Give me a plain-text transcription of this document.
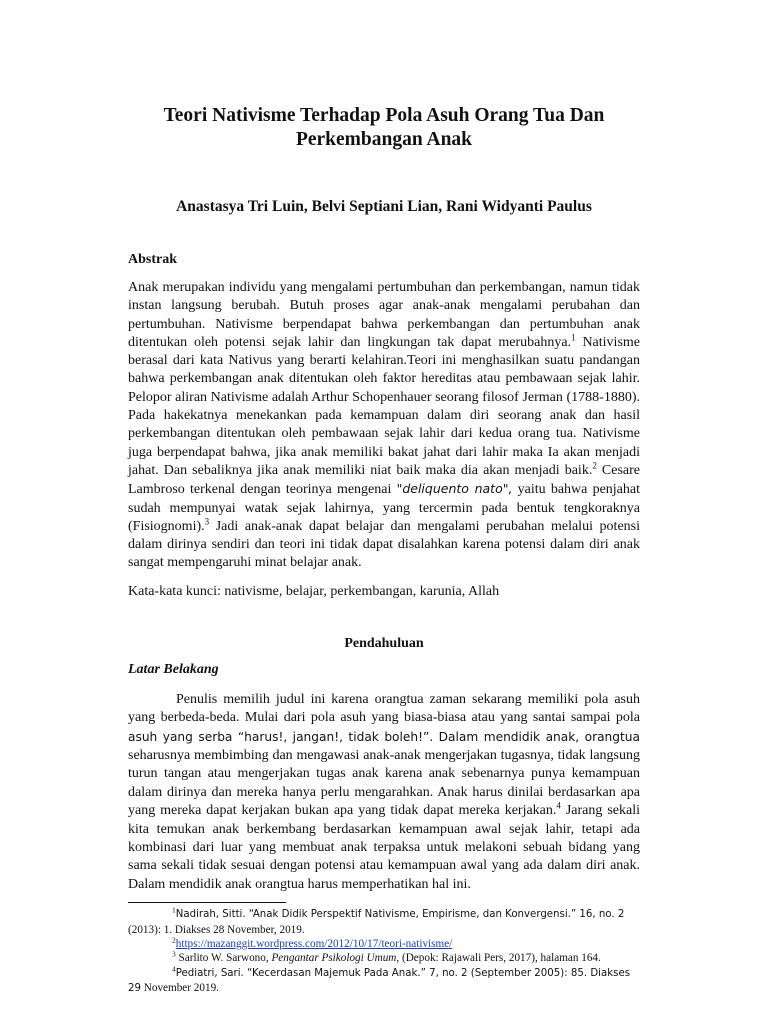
Teori Nativisme Terhadap Pola Asuh Orang Tua Dan
Perkembangan Anak

Anastasya Tri Luin, Belvi Septiani Lian, Rani Widyanti Paulus

Abstrak

Anak merupakan individu yang mengalami pertumbuhan dan perkembangan, namun tidak instan langsung berubah. Butuh proses agar anak-anak mengalami perubahan dan pertumbuhan. Nativisme berpendapat bahwa perkembangan dan pertumbuhan anak ditentukan oleh potensi sejak lahir dan lingkungan tak dapat merubahnya.$^1$ Nativisme berasal dari kata Nativus yang berarti kelahiran.Teori ini menghasilkan suatu pandangan bahwa perkembangan anak ditentukan oleh faktor hereditas atau pembawaan sejak lahir. Pelopor aliran Nativisme adalah Arthur Schopenhauer seorang filosof Jerman (1788-1880). Pada hakekatnya menekankan pada kemampuan dalam diri seorang anak dan hasil perkembangan ditentukan oleh pembawaan sejak lahir dari kedua orang tua. Nativisme juga berpendapat bahwa, jika anak memiliki bakat jahat dari lahir maka Ia akan menjadi jahat. Dan sebaliknya jika anak memiliki niat baik maka dia akan menjadi baik.$^2$ Cesare Lambroso terkenal dengan teorinya mengenai "deliquento nato", yaitu bahwa penjahat sudah mempunyai watak sejak lahirnya, yang tercermin pada bentuk tengkoraknya (Fisiognomi).$^3$ Jadi anak-anak dapat belajar dan mengalami perubahan melalui potensi dalam dirinya sendiri dan teori ini tidak dapat disalahkan karena potensi dalam diri anak sangat mempengaruhi minat belajar anak.

Kata-kata kunci: nativisme, belajar, perkembangan, karunia, Allah

Pendahuluan

Latar Belakang

Penulis memilih judul ini karena orangtua zaman sekarang memiliki pola asuh yang berbeda-beda. Mulai dari pola asuh yang biasa-biasa atau yang santai sampai pola asuh yang serba “harus!, jangan!, tidak boleh!”. Dalam mendidik anak, orangtua seharusnya membimbing dan mengawasi anak-anak mengerjakan tugasnya, tidak langsung turun tangan atau mengerjakan tugas anak karena anak sebenarnya punya kemampuan dalam dirinya dan mereka hanya perlu mengarahkan. Anak harus dinilai berdasarkan apa yang mereka dapat kerjakan bukan apa yang tidak dapat mereka kerjakan.$^4$ Jarang sekali kita temukan anak berkembang berdasarkan kemampuan awal sejak lahir, tetapi ada kombinasi dari luar yang membuat anak terpaksa untuk melakoni sebuah bidang yang sama sekali tidak sesuai dengan potensi atau kemampuan awal yang ada dalam diri anak. Dalam mendidik anak orangtua harus memperhatikan hal ini.

$^1$Nadirah, Sitti. “Anak Didik Perspektif Nativisme, Empirisme, dan Konvergensi.” 16, no. 2 (2013): 1. Diakses 28 November, 2019.

$^2$https://mazanggit.wordpress.com/2012/10/17/teori-nativisme/

$^3$ Sarlito W. Sarwono, Pengantar Psikologi Umum, (Depok: Rajawali Pers, 2017), halaman 164.

$^4$Pediatri, Sari. “Kecerdasan Majemuk Pada Anak.” 7, no. 2 (September 2005): 85. Diakses 29 November 2019.
